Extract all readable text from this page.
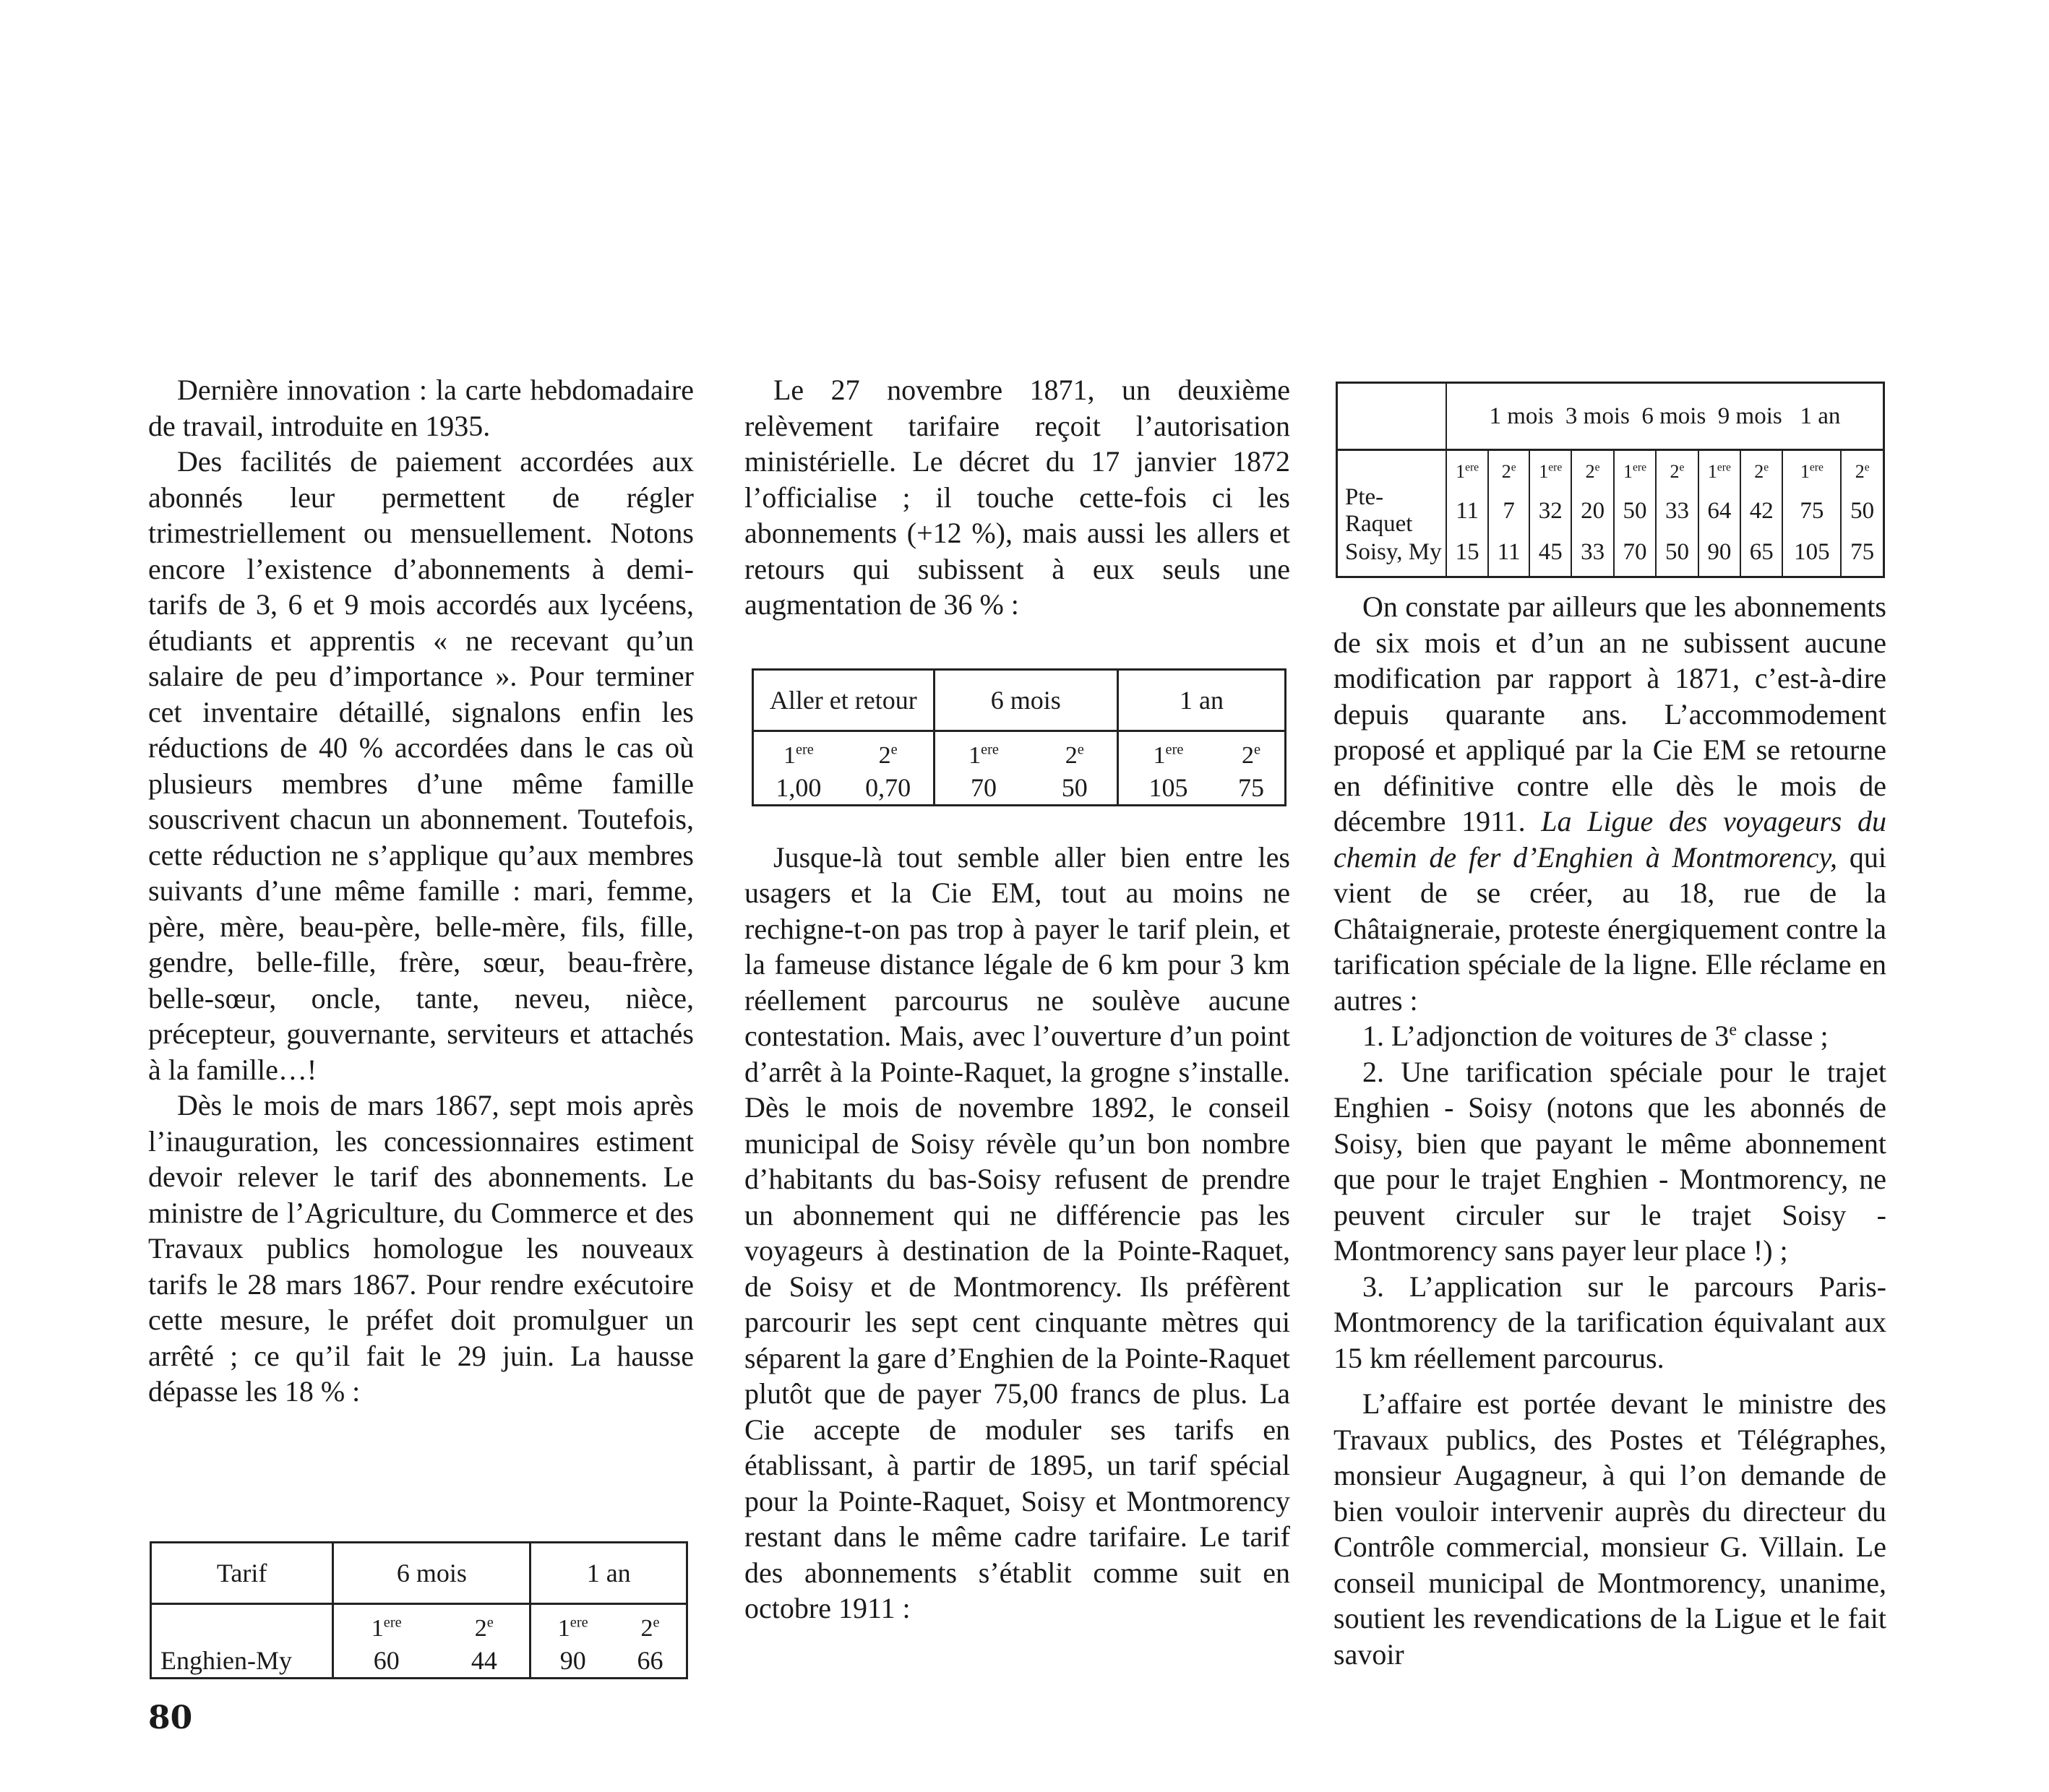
Dernière innovation : la carte hebdomadaire de travail, introduite en 1935.

Des facilités de paiement accordées aux abonnés leur permettent de régler trimestriellement ou mensuellement. Notons encore l’existence d’abonnements à demi-tarifs de 3, 6 et 9 mois accordés aux lycéens, étudiants et apprentis « ne recevant qu’un salaire de peu d’importance ». Pour terminer cet inventaire détaillé, signalons enfin les réductions de 40 % accordées dans le cas où plusieurs membres d’une même famille souscrivent chacun un abonnement. Toutefois, cette réduction ne s’applique qu’aux membres suivants d’une même famille : mari, femme, père, mère, beau-père, belle-mère, fils, fille, gendre, belle-fille, frère, sœur, beau-frère, belle-sœur, oncle, tante, neveu, nièce, précepteur, gouvernante, serviteurs et attachés à la famille…!

Dès le mois de mars 1867, sept mois après l’inauguration, les concessionnaires estiment devoir relever le tarif des abonnements. Le ministre de l’Agriculture, du Commerce et des Travaux publics homologue les nouveaux tarifs le 28 mars 1867. Pour rendre exécutoire cette mesure, le préfet doit promulguer un arrêté ; ce qu’il fait le 29 juin. La hausse dépasse les 18 % :

Tarif	6 mois		1 an	
	1ere	2e	1ere	2e
Enghien-My	60	44	90	66
80

Le 27 novembre 1871, un deuxième relèvement tarifaire reçoit l’autorisation ministérielle. Le décret du 17 janvier 1872 l’officialise ; il touche cette-fois ci les abonnements (+12 %), mais aussi les allers et retours qui subissent à eux seuls une augmentation de 36 % :

Jusque-là tout semble aller bien entre les usagers et la Cie EM, tout au moins ne rechigne-t-on pas trop à payer le tarif plein, et la fameuse distance légale de 6 km pour 3 km réellement parcourus ne soulève aucune contestation. Mais, avec l’ouverture d’un point d’arrêt à la Pointe-Raquet, la grogne s’installe. Dès le mois de novembre 1892, le conseil municipal de Soisy révèle qu’un bon nombre d’habitants du bas-Soisy refusent de prendre un abonnement qui ne différencie pas les voyageurs à destination de la Pointe-Raquet, de Soisy et de Montmorency. Ils préfèrent parcourir les sept cent cinquante mètres qui séparent la gare d’Enghien de la Pointe-Raquet plutôt que de payer 75,00 francs de plus. La Cie accepte de moduler ses tarifs en établissant, à partir de 1895, un tarif spécial pour la Pointe-Raquet, Soisy et Montmorency restant dans le même cadre tarifaire. Le tarif des abonnements s’établit comme suit en octobre 1911 :

Aller et retour		6 mois		1 an	
1ere	2e	1ere	2e	1ere	2e
1,00	0,70	70	50	105	75

On constate par ailleurs que les abonnements de six mois et d’un an ne subissent aucune modification par rapport à 1871, c’est-à-dire depuis quarante ans. L’accommodement proposé et appliqué par la Cie EM se retourne en définitive contre elle dès le mois de décembre 1911. La Ligue des voyageurs du chemin de fer d’Enghien à Montmorency, qui vient de se créer, au 18, rue de la Châtaigneraie, proteste énergiquement contre la tarification spéciale de la ligne. Elle réclame en autres :

1. L’adjonction de voitures de 3e classe ;

2. Une tarification spéciale pour le trajet Enghien - Soisy (notons que les abonnés de Soisy, bien que payant le même abonnement que pour le trajet Enghien - Montmorency, ne peuvent circuler sur le trajet Soisy - Montmorency sans payer leur place !) ;

3. L’application sur le parcours Paris-Montmorency de la tarification équivalant aux 15 km réellement parcourus.

L’affaire est portée devant le ministre des Travaux publics, des Postes et Télégraphes, monsieur Augagneur, à qui l’on demande de bien vouloir intervenir auprès du directeur du Contrôle commercial, monsieur G. Villain. Le conseil municipal de Montmorency, unanime, soutient les revendications de la Ligue et le fait savoir

	1 mois 3 mois 6 mois 9 mois 1 an									
	1ere	2e	1ere	2e	1ere	2e	1ere	2e	1ere	2e
Pte-Raquet	11	7	32	20	50	33	64	42	75	50
Soisy, My	15	11	45	33	70	50	90	65	105	75
